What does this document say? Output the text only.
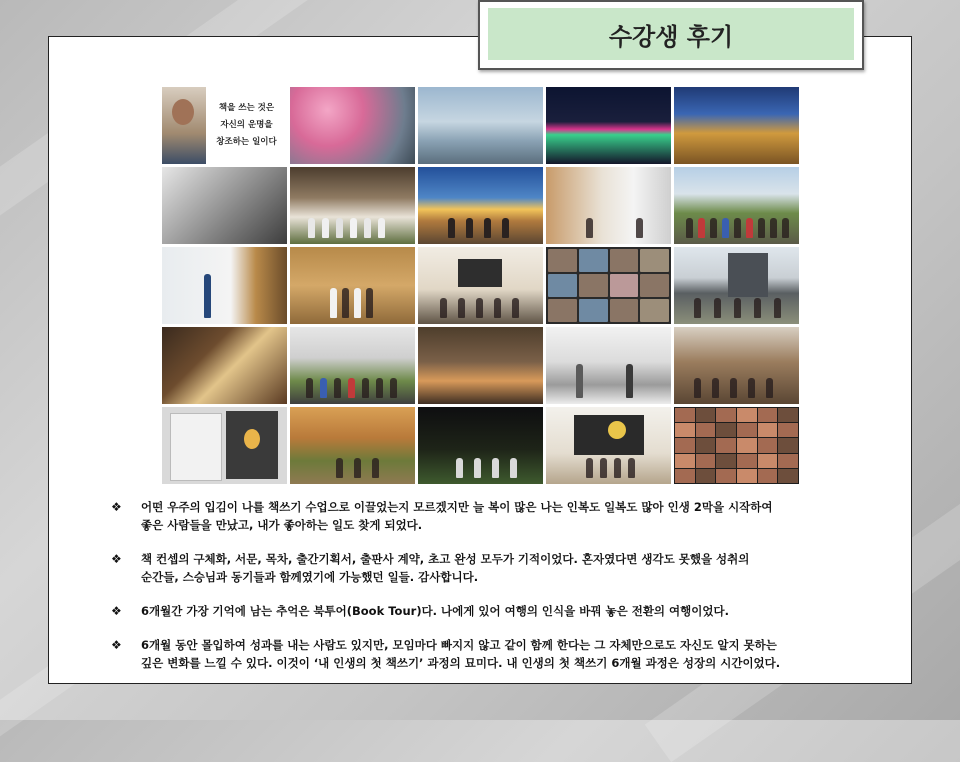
수강생 후기
책을 쓰는 것은
자신의 운명을
창조하는 일이다
❖ 어떤 우주의 입김이 나를 책쓰기 수업으로 이끌었는지 모르겠지만 늘 복이 많은 나는 인복도 일복도 많아 인생 2막을 시작하여
좋은 사람들을 만났고, 내가 좋아하는 일도 찾게 되었다.
❖ 책 컨셉의 구체화, 서문, 목차, 출간기획서, 출판사 계약, 초고 완성 모두가 기적이었다. 혼자였다면 생각도 못했을 성취의
순간들, 스승님과 동기들과 함께였기에 가능했던 일들. 감사합니다.
❖ 6개월간 가장 기억에 남는 추억은 북투어(Book Tour)다. 나에게 있어 여행의 인식을 바꿔 놓은 전환의 여행이었다.
❖ 6개월 동안 몰입하여 성과를 내는 사람도 있지만, 모임마다 빠지지 않고 같이 함께 한다는 그 자체만으로도 자신도 알지 못하는
깊은 변화를 느낄 수 있다. 이것이 ‘내 인생의 첫 책쓰기’ 과정의 묘미다. 내 인생의 첫 책쓰기 6개월 과정은 성장의 시간이었다.
